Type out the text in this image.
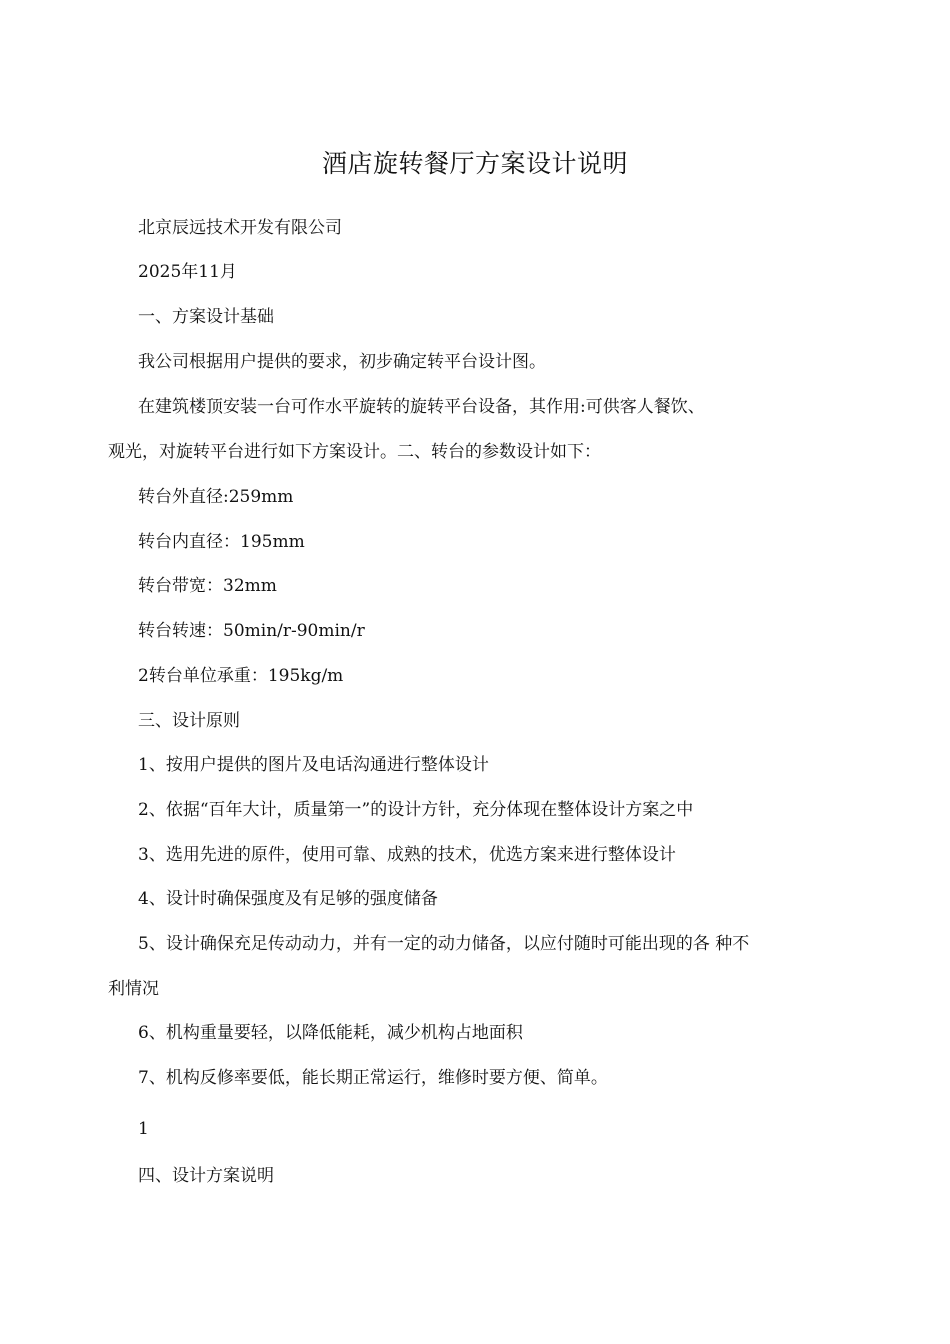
酒店旋转餐厅方案设计说明
北京辰远技术开发有限公司
2025年11月
一、方案设计基础
我公司根据用户提供的要求，初步确定转平台设计图。
在建筑楼顶安装一台可作水平旋转的旋转平台设备，其作用:可供客人餐饮、
观光，对旋转平台进行如下方案设计。二、转台的参数设计如下：
转台外直径:259mm
转台内直径：195mm
转台带宽：32mm
转台转速：50min/r-90min/r
2转台单位承重：195kg/m
三、设计原则
1、按用户提供的图片及电话沟通进行整体设计
2、依据“百年大计，质量第一”的设计方针，充分体现在整体设计方案之中
3、选用先进的原件，使用可靠、成熟的技术，优选方案来进行整体设计
4、设计时确保强度及有足够的强度储备
5、设计确保充足传动动力，并有一定的动力储备，以应付随时可能出现的各 种不
利情况
6、机构重量要轻，以降低能耗，减少机构占地面积
7、机构反修率要低，能长期正常运行，维修时要方便、简单。
1
四、设计方案说明
